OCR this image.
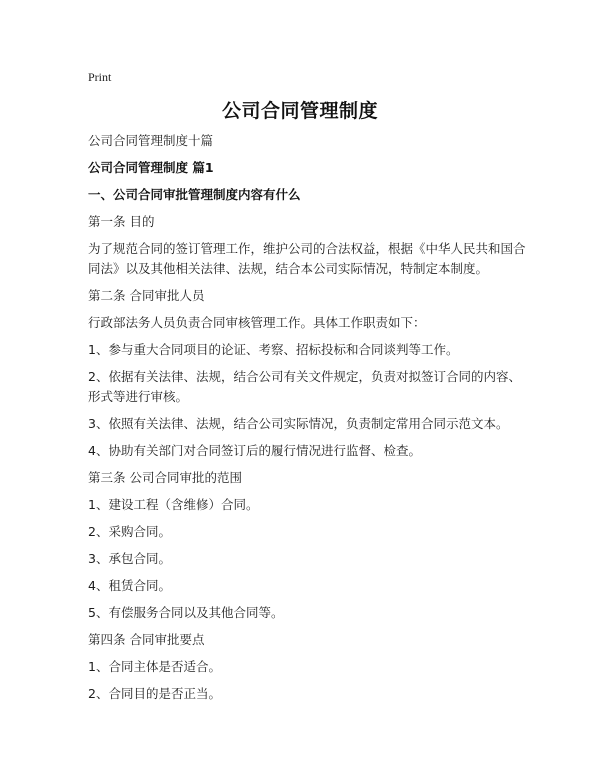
Print
公司合同管理制度

公司合同管理制度十篇

公司合同管理制度 篇1

一、公司合同审批管理制度内容有什么

第一条 目的

为了规范合同的签订管理工作，维护公司的合法权益，根据《中华人民共和国合同法》以及其他相关法律、法规，结合本公司实际情况，特制定本制度。

第二条 合同审批人员

行政部法务人员负责合同审核管理工作。具体工作职责如下：

1、参与重大合同项目的论证、考察、招标投标和合同谈判等工作。

2、依据有关法律、法规，结合公司有关文件规定，负责对拟签订合同的内容、形式等进行审核。

3、依照有关法律、法规，结合公司实际情况，负责制定常用合同示范文本。

4、协助有关部门对合同签订后的履行情况进行监督、检查。

第三条 公司合同审批的范围

1、建设工程（含维修）合同。

2、采购合同。

3、承包合同。

4、租赁合同。

5、有偿服务合同以及其他合同等。

第四条 合同审批要点

1、合同主体是否适合。

2、合同目的是否正当。
